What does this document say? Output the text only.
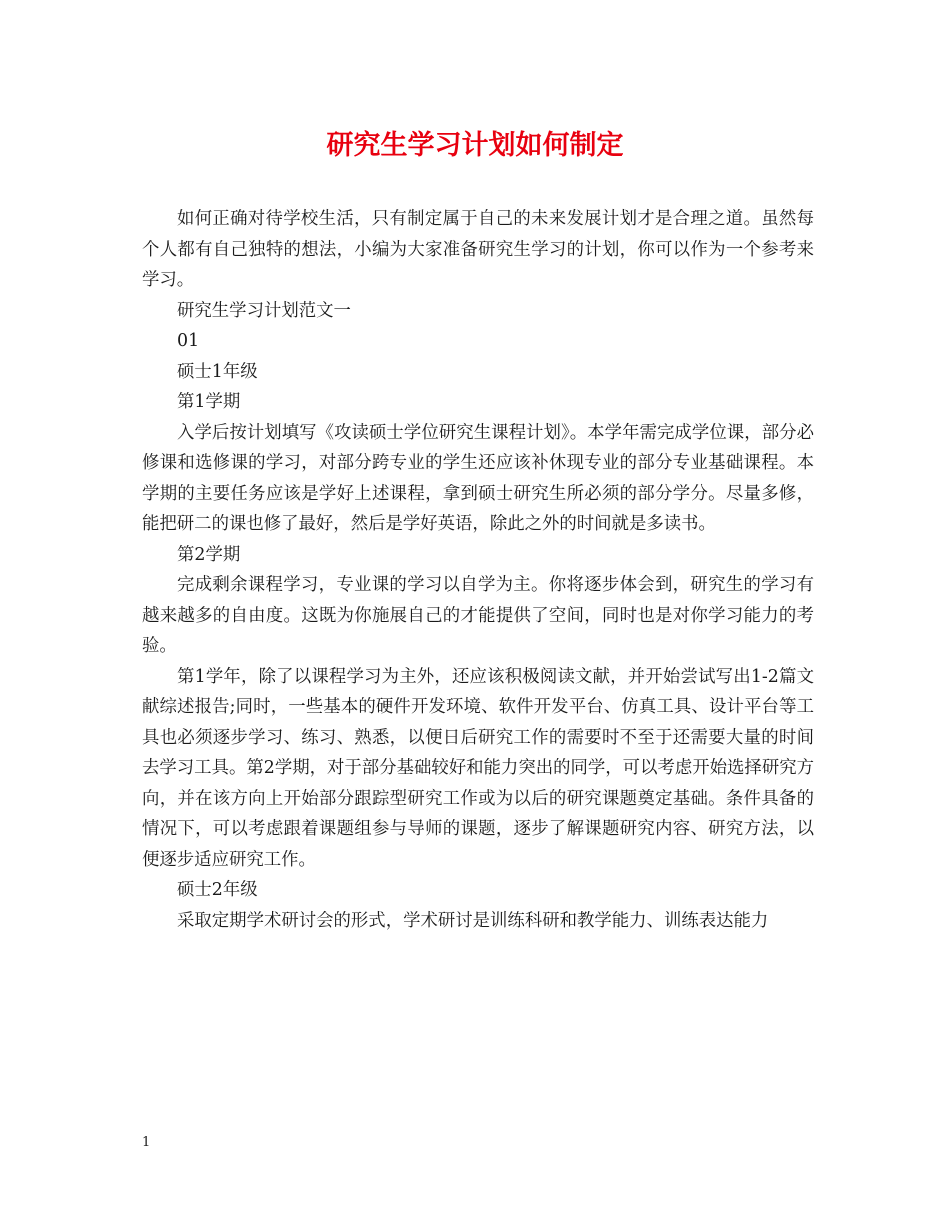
研究生学习计划如何制定

如何正确对待学校生活，只有制定属于自己的未来发展计划才是合理之道。虽然每个人都有自己独特的想法，小编为大家准备研究生学习的计划，你可以作为一个参考来学习。

研究生学习计划范文一

01

硕士1年级

第1学期

入学后按计划填写《攻读硕士学位研究生课程计划》。本学年需完成学位课，部分必修课和选修课的学习，对部分跨专业的学生还应该补休现专业的部分专业基础课程。本学期的主要任务应该是学好上述课程，拿到硕士研究生所必须的部分学分。尽量多修，能把研二的课也修了最好，然后是学好英语，除此之外的时间就是多读书。

第2学期

完成剩余课程学习，专业课的学习以自学为主。你将逐步体会到，研究生的学习有越来越多的自由度。这既为你施展自己的才能提供了空间，同时也是对你学习能力的考验。

第1学年，除了以课程学习为主外，还应该积极阅读文献，并开始尝试写出1-2篇文献综述报告;同时，一些基本的硬件开发环境、软件开发平台、仿真工具、设计平台等工具也必须逐步学习、练习、熟悉，以便日后研究工作的需要时不至于还需要大量的时间去学习工具。第2学期，对于部分基础较好和能力突出的同学，可以考虑开始选择研究方向，并在该方向上开始部分跟踪型研究工作或为以后的研究课题奠定基础。条件具备的情况下，可以考虑跟着课题组参与导师的课题，逐步了解课题研究内容、研究方法，以便逐步适应研究工作。

硕士2年级

采取定期学术研讨会的形式，学术研讨是训练科研和教学能力、训练表达能力

1
